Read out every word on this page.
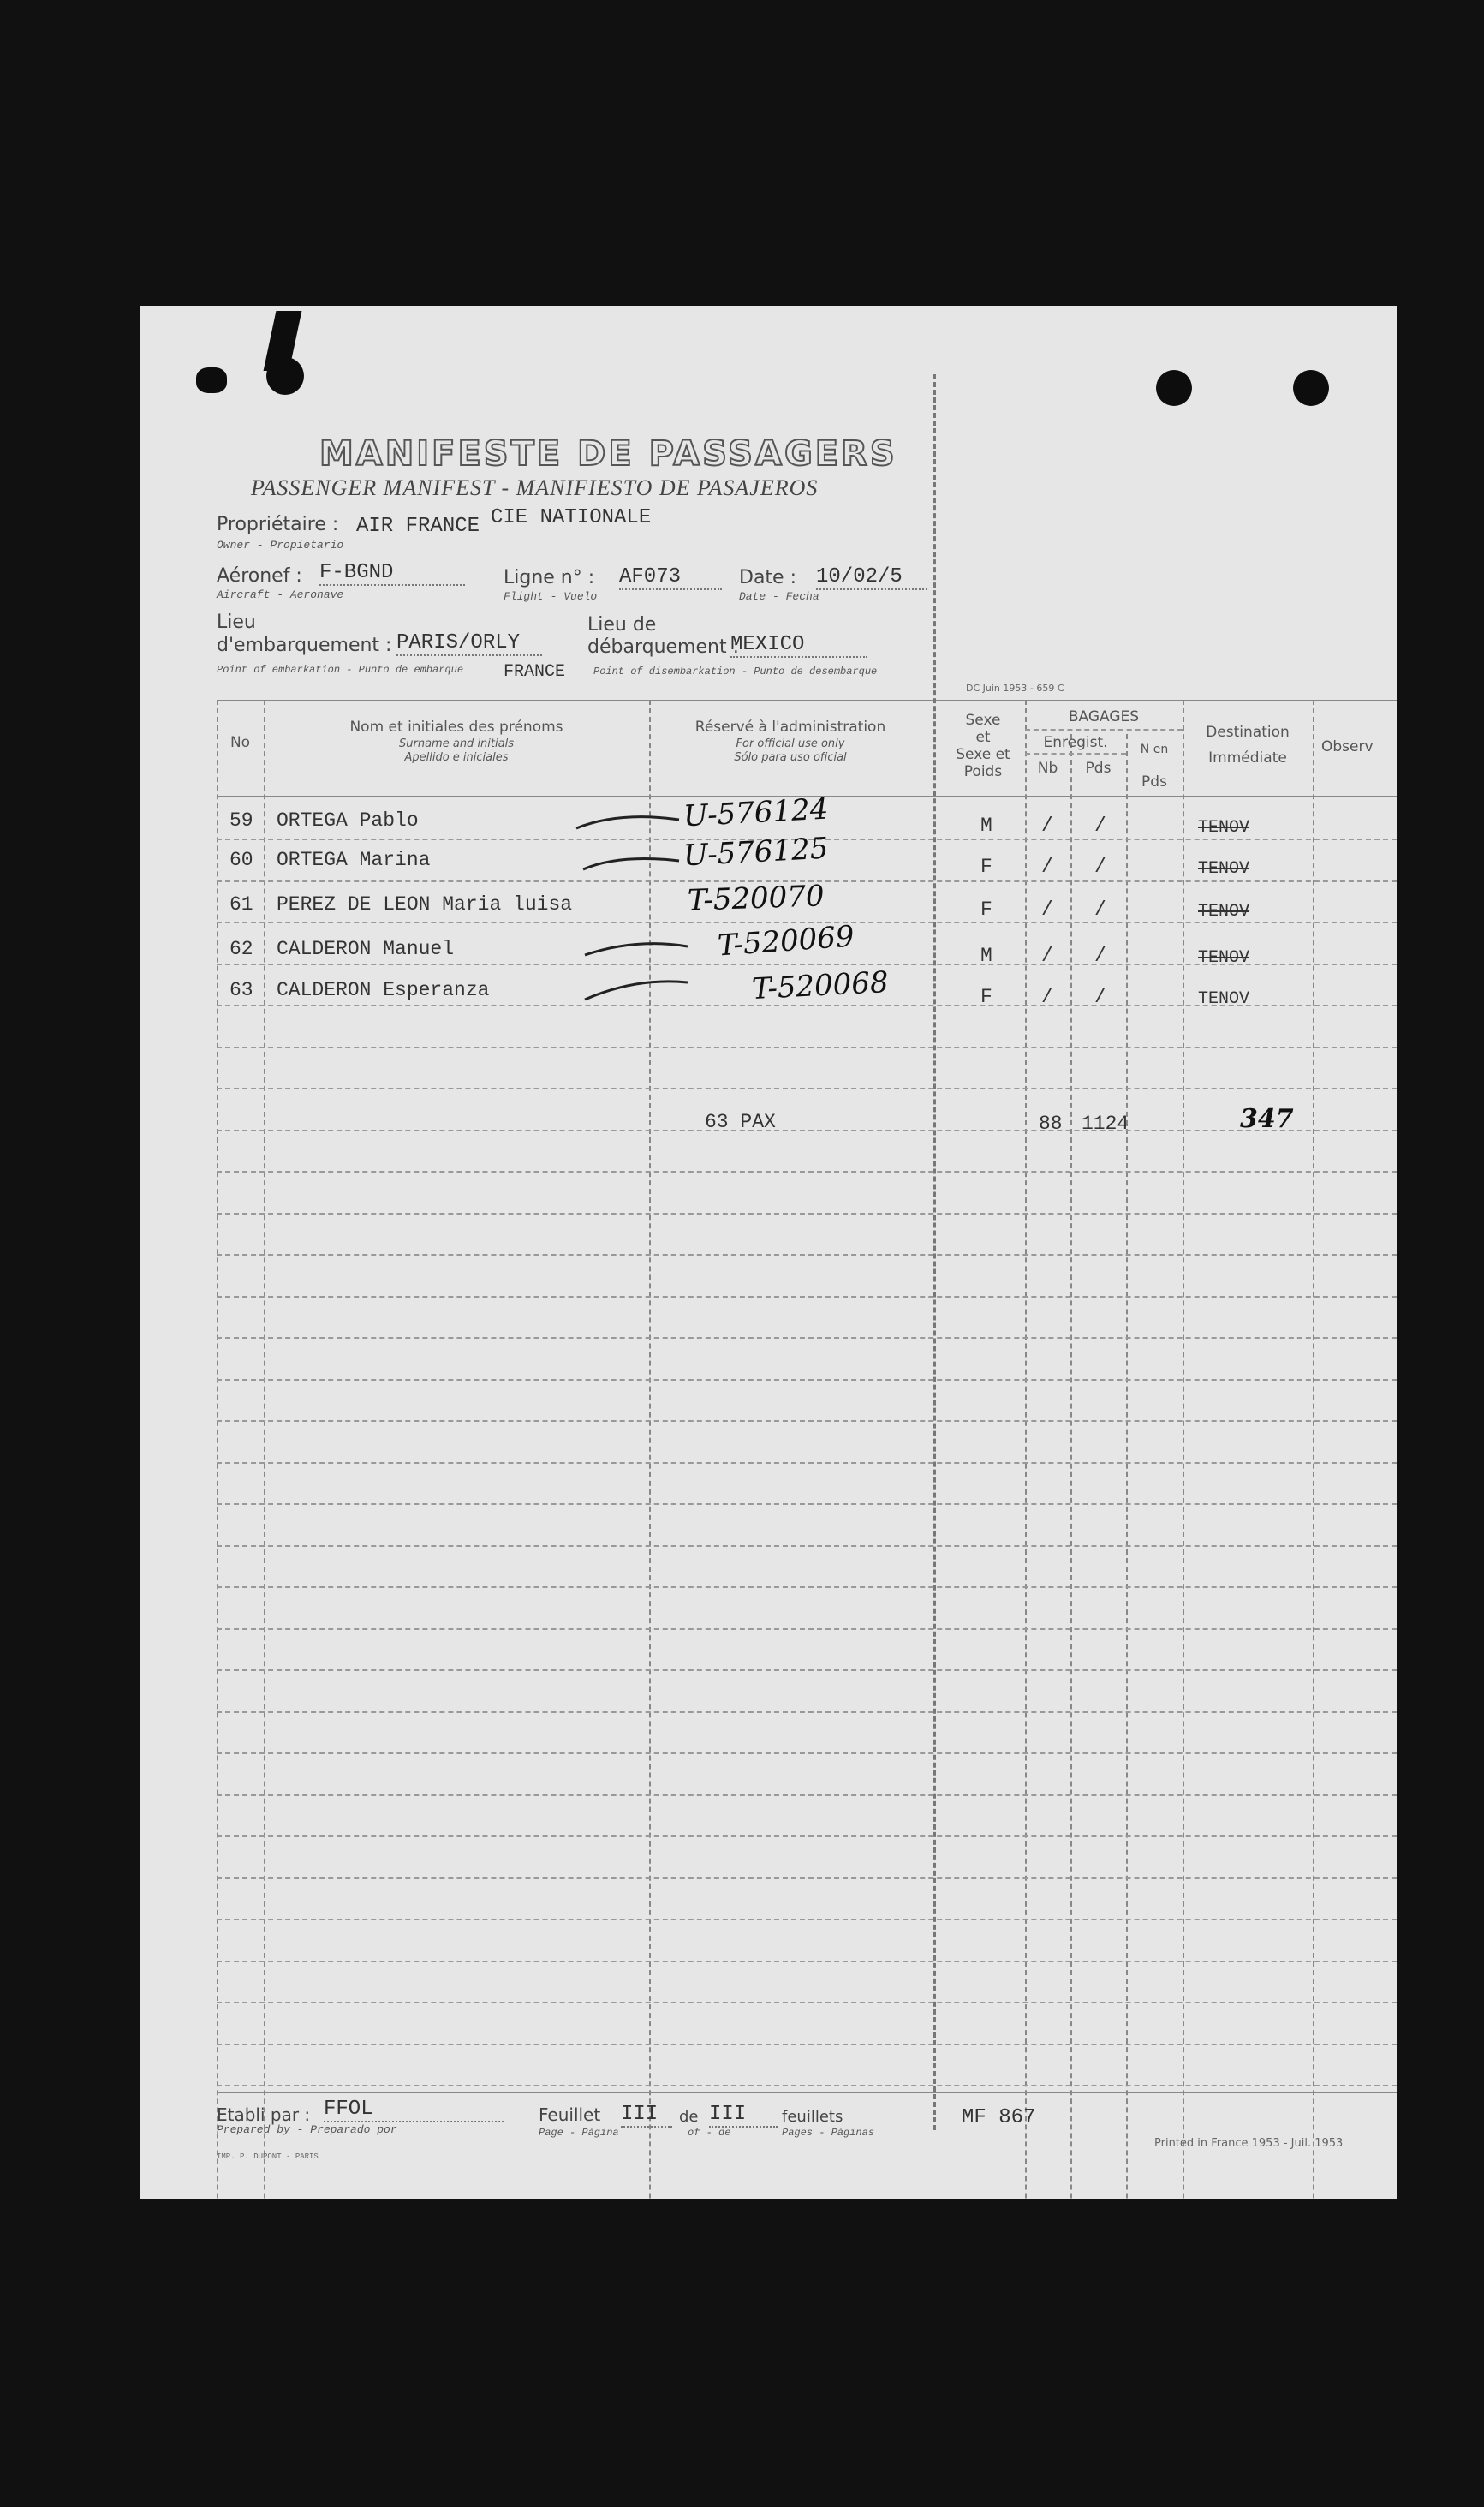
MANIFESTE DE PASSAGERS
PASSENGER MANIFEST - MANIFIESTO DE PASAJEROS
Propriétaire : AIR FRANCE CIE NATIONALE
Owner - Propietario
Aéronef : F-BGND
Aircraft - Aeronave
Ligne n° : AF073
Flight - Vuelo
Date : 10/02/5
Date - Fecha
Lieu
d'embarquement : PARIS/ORLY
FRANCE
Point of embarkation - Punto de embarque
Lieu de
débarquement :
MEXICO
Point of disembarkation - Punto de desembarque
DC Juin 1953 - 659 C
No
Nom et initiales des prénoms
Surname and initials
Apellido e iniciales
Réservé à l'administration
For official use only
Sólo para uso oficial
Sexe
et
Sexe et
Poids
BAGAGES
Enregist.
Nb	Pds
N en
Pds
Destination
Immédiate
Observ
59 ORTEGA Pablo	U-576124	M / /	TENOV
60 ORTEGA Marina	U-576125	F / /	TENOV
61 PEREZ DE LEON Maria luisa	T-520070	F / /	TENOV
62 CALDERON Manuel	T-520069	M / /	TENOV
63 CALDERON Esperanza	T-520068	F / /	TENOV
63 PAX	88 1124	347
Etabli par : FFOL
Prepared by - Preparado por
Feuillet III	de III	feuillets
Page - Página	of - de	Pages - Páginas
MF 867
Printed in France 1953 - Juil. 1953
IMP. P. DUPONT - PARIS
